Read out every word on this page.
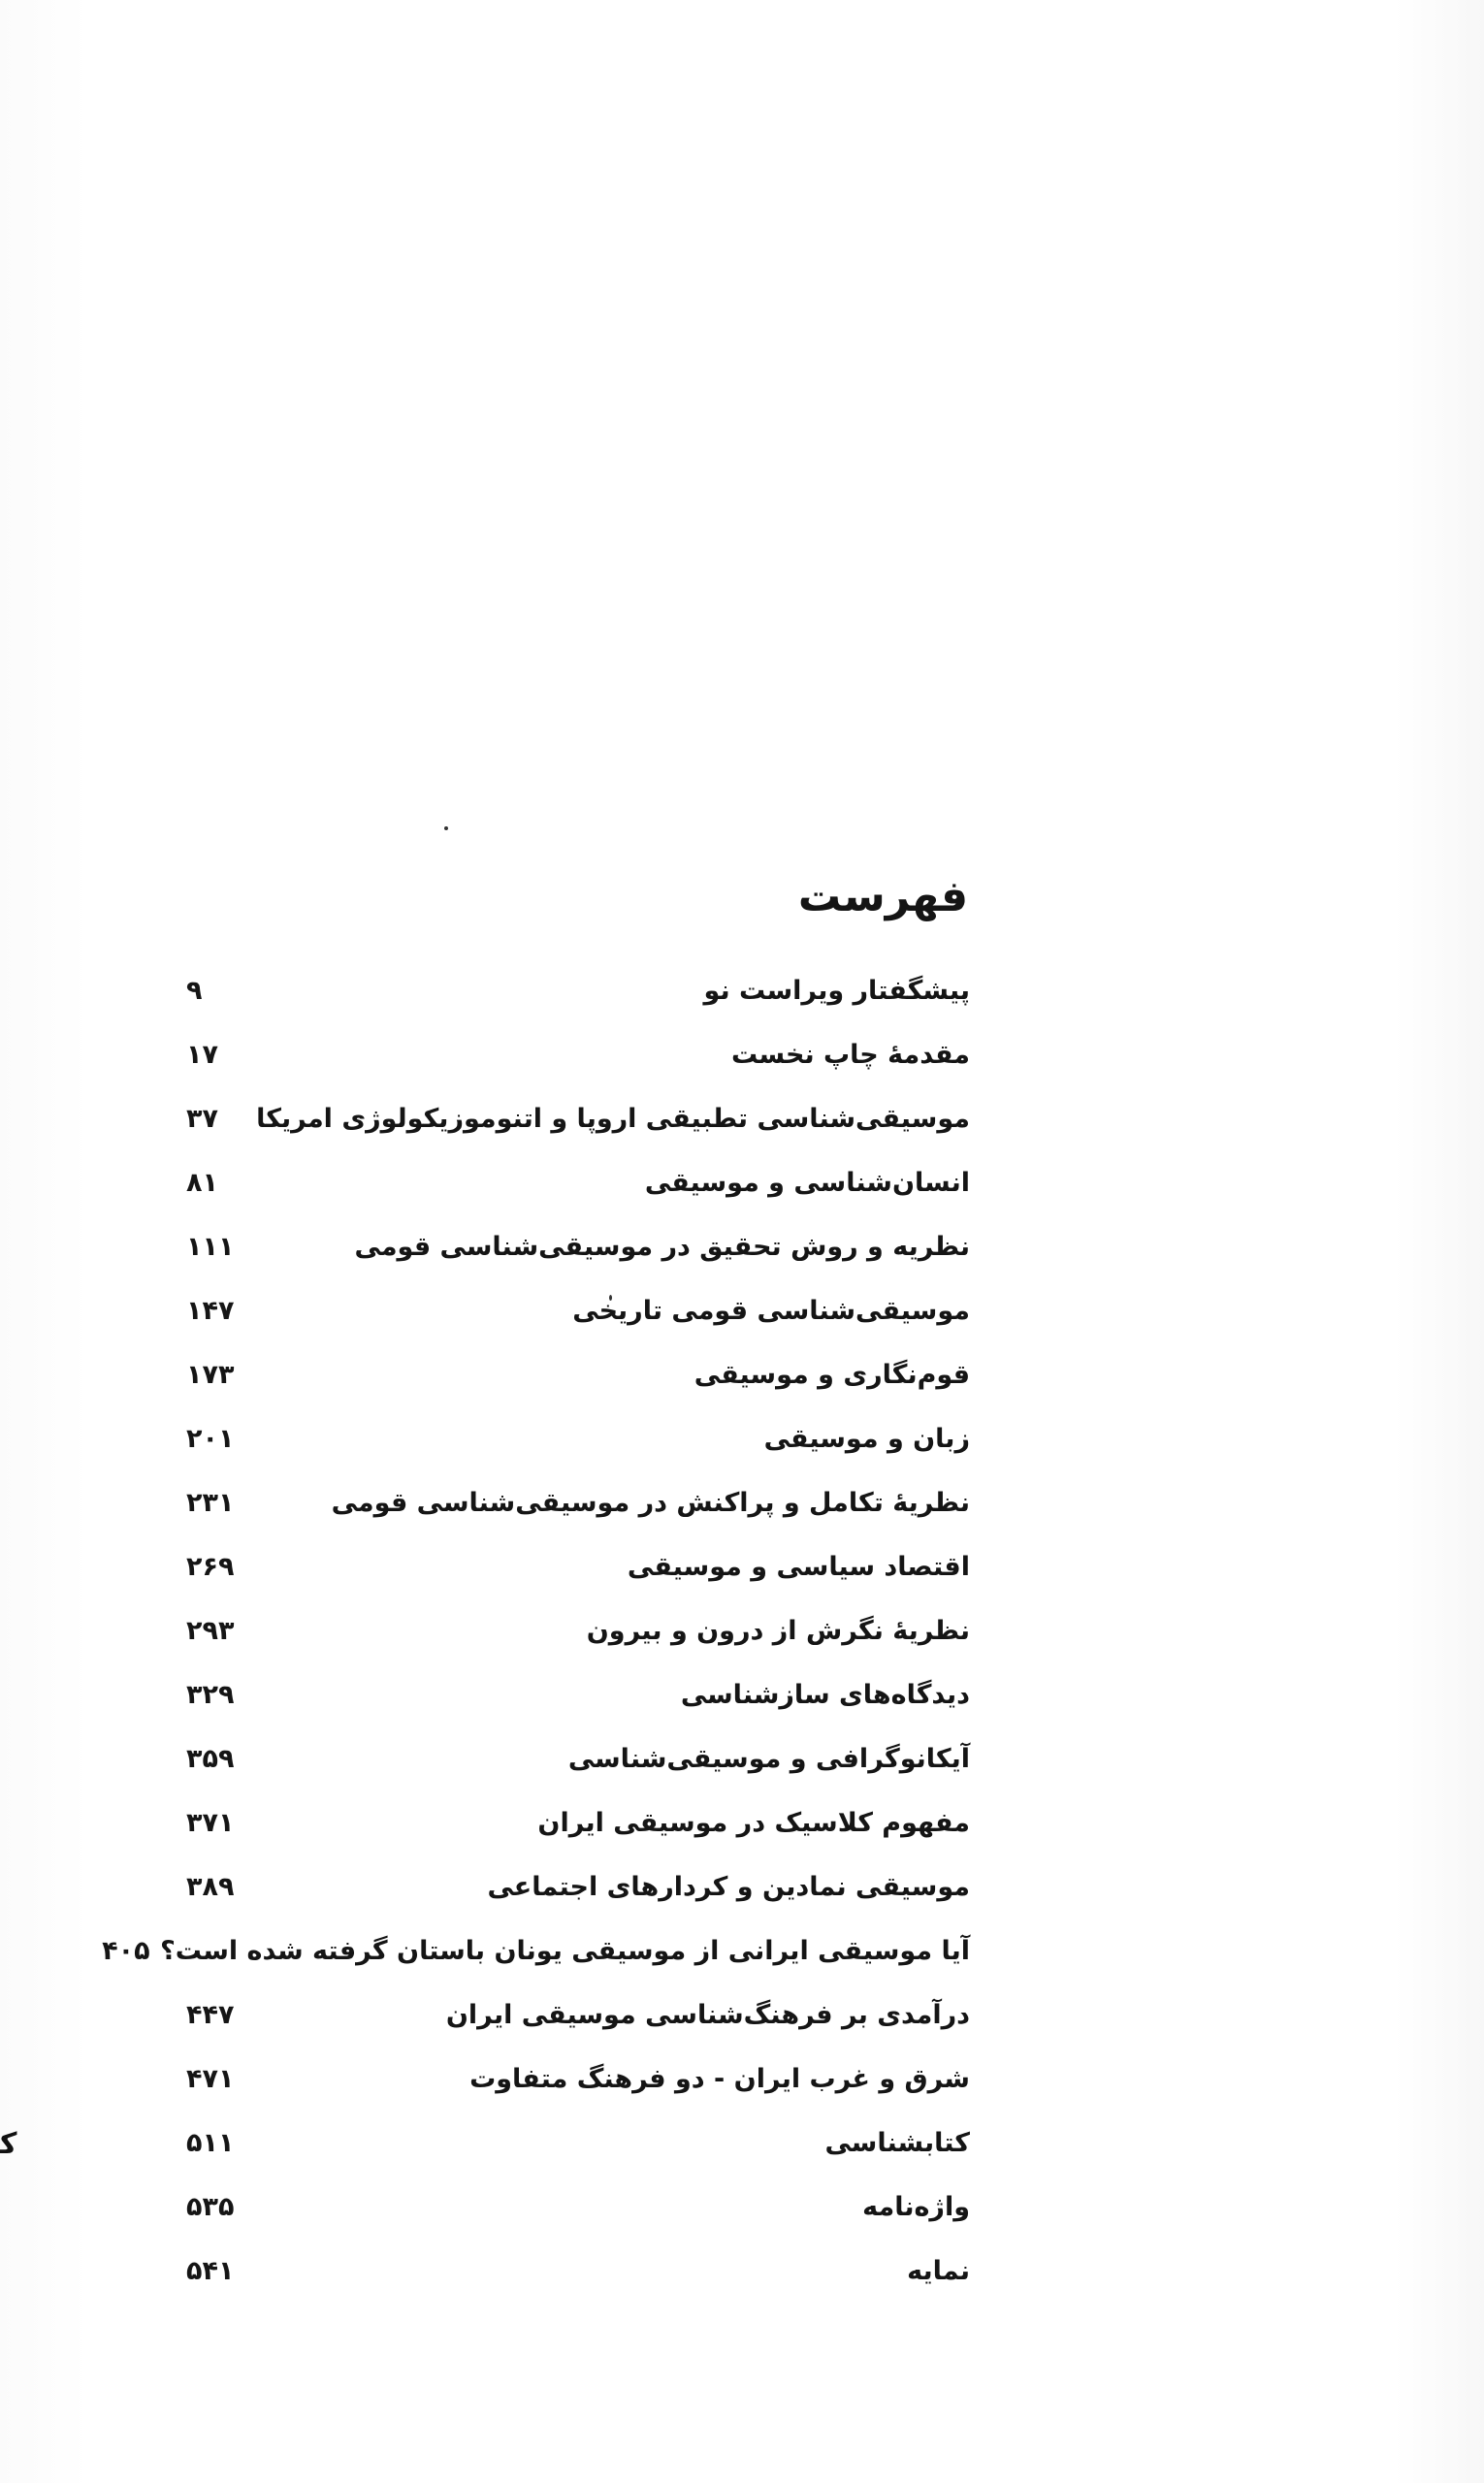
ﻛ
فهرست
پیشگفتار ویراست نو
۹
مقدمهٔ چاپ نخست
۱۷
موسیقی‌شناسی تطبیقی اروپا و اتنوموزیکولوژی امریکا
۳۷
انسان‌شناسی و موسیقی
۸۱
نظریه و روش تحقیق در موسیقی‌شناسی قومی
۱۱۱
موسیقی‌شناسی قومی تاریخی
۱۴۷
قوم‌نگاری و موسیقی
۱۷۳
زبان و موسیقی
۲۰۱
نظریهٔ تکامل و پراکنش در موسیقی‌شناسی قومی
۲۳۱
اقتصاد سیاسی و موسیقی
۲۶۹
نظریهٔ نگرش از درون و بیرون
۲۹۳
دیدگاه‌های سازشناسی
۳۲۹
آیکانوگرافی و موسیقی‌شناسی
۳۵۹
مفهوم کلاسیک در موسیقی ایران
۳۷۱
موسیقی نمادین و کردارهای اجتماعی
۳۸۹
آیا موسیقی ایرانی از موسیقی یونان باستان گرفته شده است؟
۴۰۵
درآمدی بر فرهنگ‌شناسی موسیقی ایران
۴۴۷
شرق و غرب ایران - دو فرهنگ متفاوت
۴۷۱
کتابشناسی
۵۱۱
واژه‌نامه
۵۳۵
نمایه
۵۴۱
